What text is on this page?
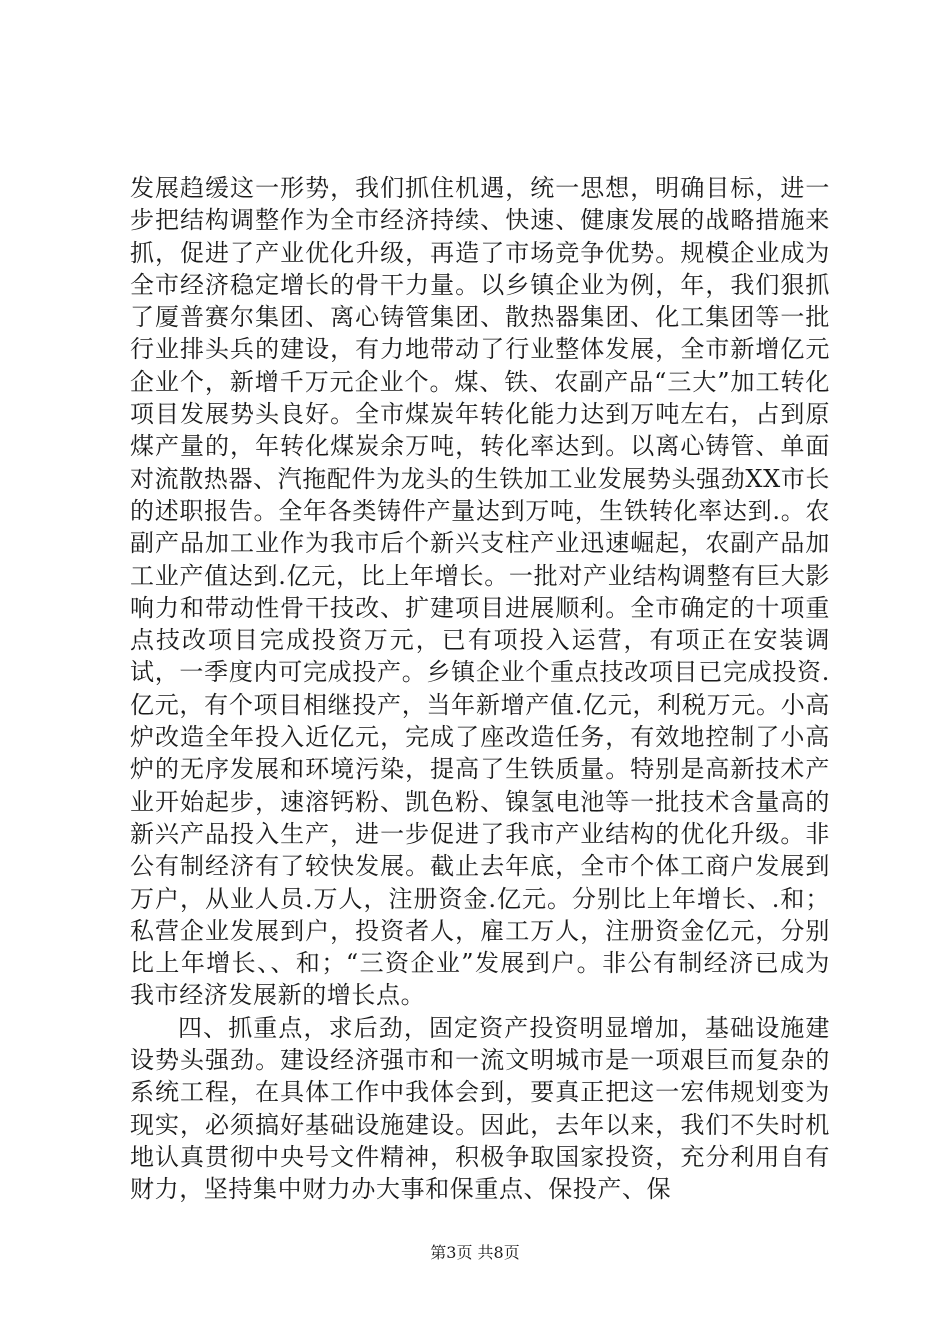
发展趋缓这一形势，我们抓住机遇，统一思想，明确目标，进一步把结构调整作为全市经济持续、快速、健康发展的战略措施来抓，促进了产业优化升级，再造了市场竞争优势。规模企业成为全市经济稳定增长的骨干力量。以乡镇企业为例，年，我们狠抓了厦普赛尔集团、离心铸管集团、散热器集团、化工集团等一批行业排头兵的建设，有力地带动了行业整体发展，全市新增亿元企业个，新增千万元企业个。煤、铁、农副产品“三大”加工转化项目发展势头良好。全市煤炭年转化能力达到万吨左右，占到原煤产量的，年转化煤炭余万吨，转化率达到。以离心铸管、单面对流散热器、汽拖配件为龙头的生铁加工业发展势头强劲XX市长的述职报告。全年各类铸件产量达到万吨，生铁转化率达到.。农副产品加工业作为我市后个新兴支柱产业迅速崛起，农副产品加工业产值达到.亿元，比上年增长。一批对产业结构调整有巨大影响力和带动性骨干技改、扩建项目进展顺利。全市确定的十项重点技改项目完成投资万元，已有项投入运营，有项正在安装调试，一季度内可完成投产。乡镇企业个重点技改项目已完成投资.亿元，有个项目相继投产，当年新增产值.亿元，利税万元。小高炉改造全年投入近亿元，完成了座改造任务，有效地控制了小高炉的无序发展和环境污染，提高了生铁质量。特别是高新技术产业开始起步，速溶钙粉、凯色粉、镍氢电池等一批技术含量高的新兴产品投入生产，进一步促进了我市产业结构的优化升级。非公有制经济有了较快发展。截止去年底，全市个体工商户发展到万户，从业人员.万人，注册资金.亿元。分别比上年增长、.和；私营企业发展到户，投资者人，雇工万人，注册资金亿元，分别比上年增长、、和；“三资企业”发展到户。非公有制经济已成为我市经济发展新的增长点。

四、抓重点，求后劲，固定资产投资明显增加，基础设施建设势头强劲。建设经济强市和一流文明城市是一项艰巨而复杂的系统工程，在具体工作中我体会到，要真正把这一宏伟规划变为现实，必须搞好基础设施建设。因此，去年以来，我们不失时机地认真贯彻中央号文件精神，积极争取国家投资，充分利用自有财力，坚持集中财力办大事和保重点、保投产、保

第3页 共8页
